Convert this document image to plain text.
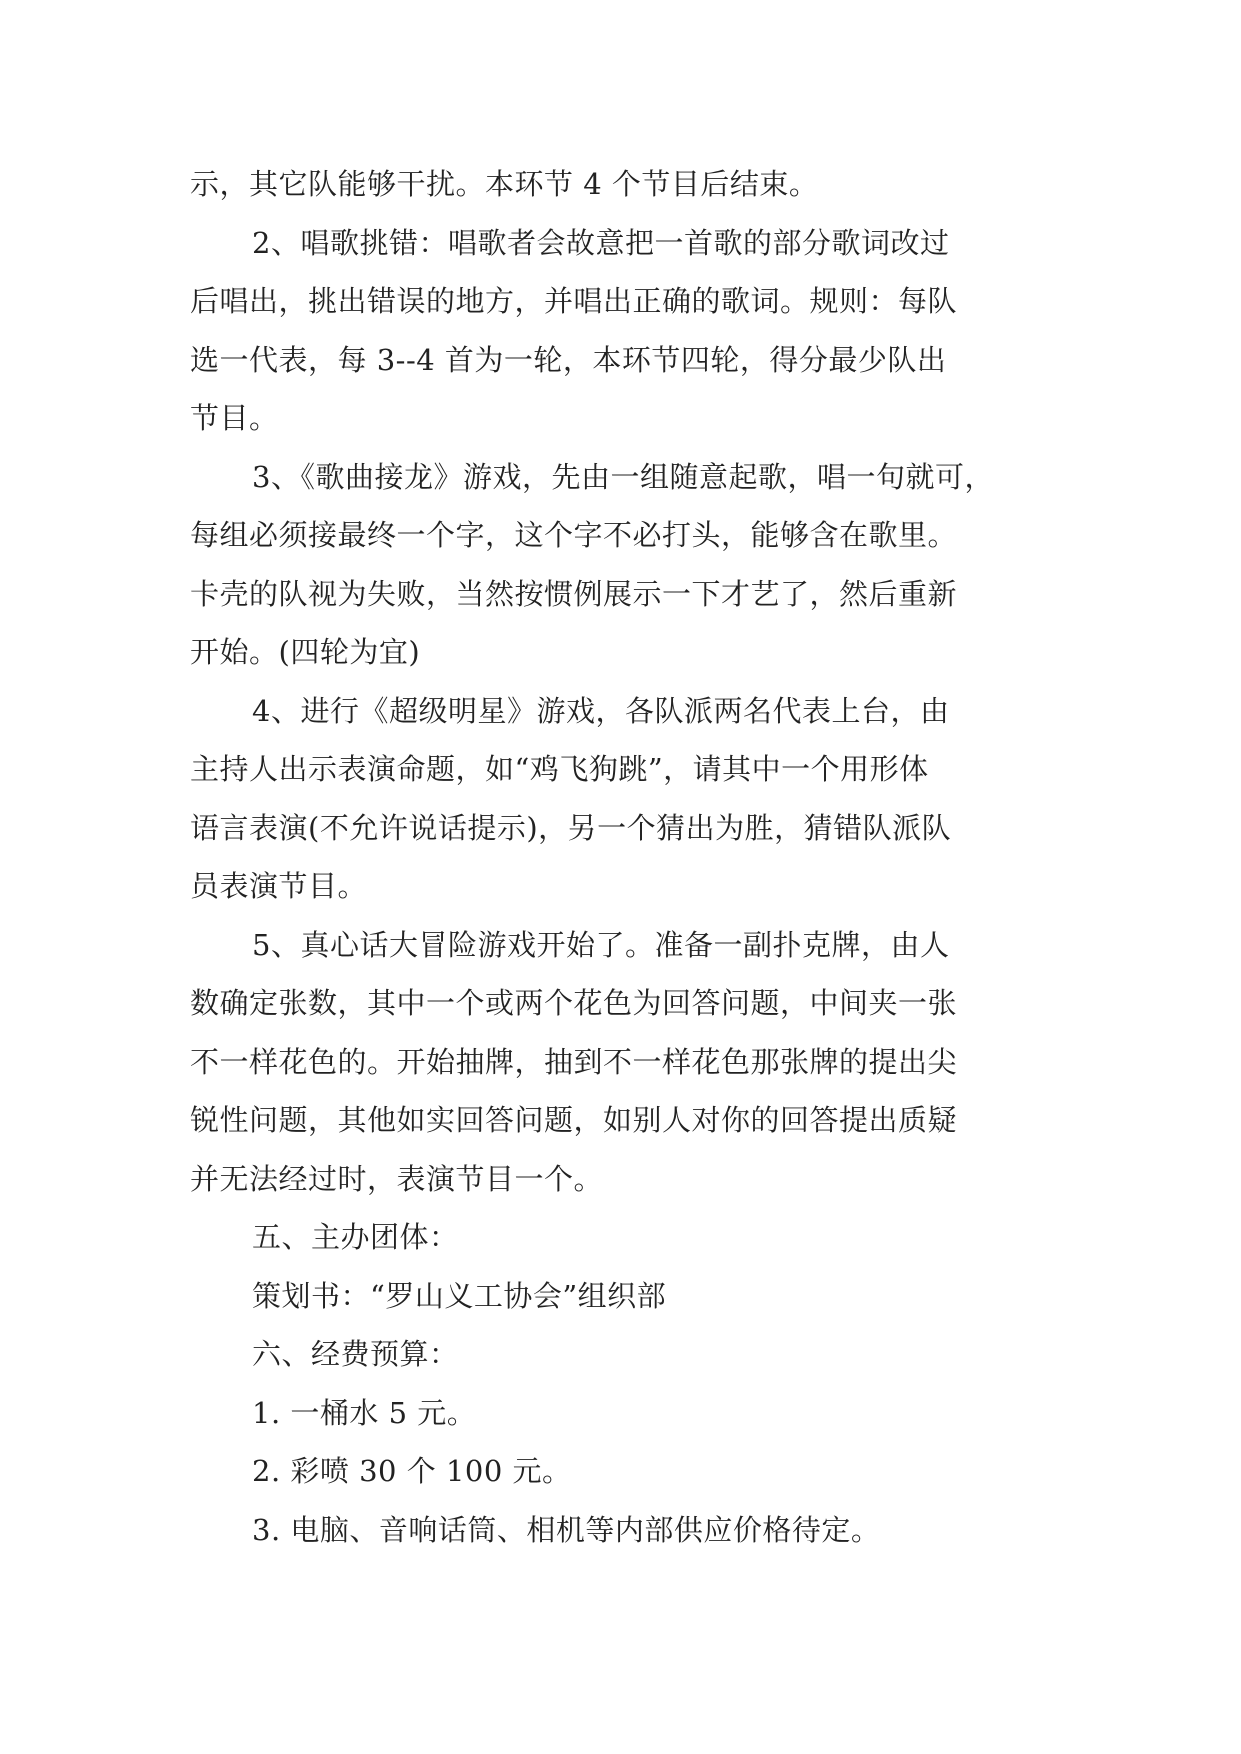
示，其它队能够干扰。本环节 4 个节目后结束。
2、唱歌挑错：唱歌者会故意把一首歌的部分歌词改过
后唱出，挑出错误的地方，并唱出正确的歌词。规则：每队
选一代表，每 3--4 首为一轮，本环节四轮，得分最少队出
节目。
3、《歌曲接龙》游戏，先由一组随意起歌，唱一句就可，
每组必须接最终一个字，这个字不必打头，能够含在歌里。
卡壳的队视为失败，当然按惯例展示一下才艺了，然后重新
开始。(四轮为宜)
4、进行《超级明星》游戏，各队派两名代表上台，由
主持人出示表演命题，如“鸡飞狗跳”，请其中一个用形体
语言表演(不允许说话提示)，另一个猜出为胜，猜错队派队
员表演节目。
5、真心话大冒险游戏开始了。准备一副扑克牌，由人
数确定张数，其中一个或两个花色为回答问题，中间夹一张
不一样花色的。开始抽牌，抽到不一样花色那张牌的提出尖
锐性问题，其他如实回答问题，如别人对你的回答提出质疑
并无法经过时，表演节目一个。
五、主办团体：
策划书：“罗山义工协会”组织部
六、经费预算：
1. 一桶水 5 元。
2. 彩喷 30 个 100 元。
3. 电脑、音响话筒、相机等内部供应价格待定。
